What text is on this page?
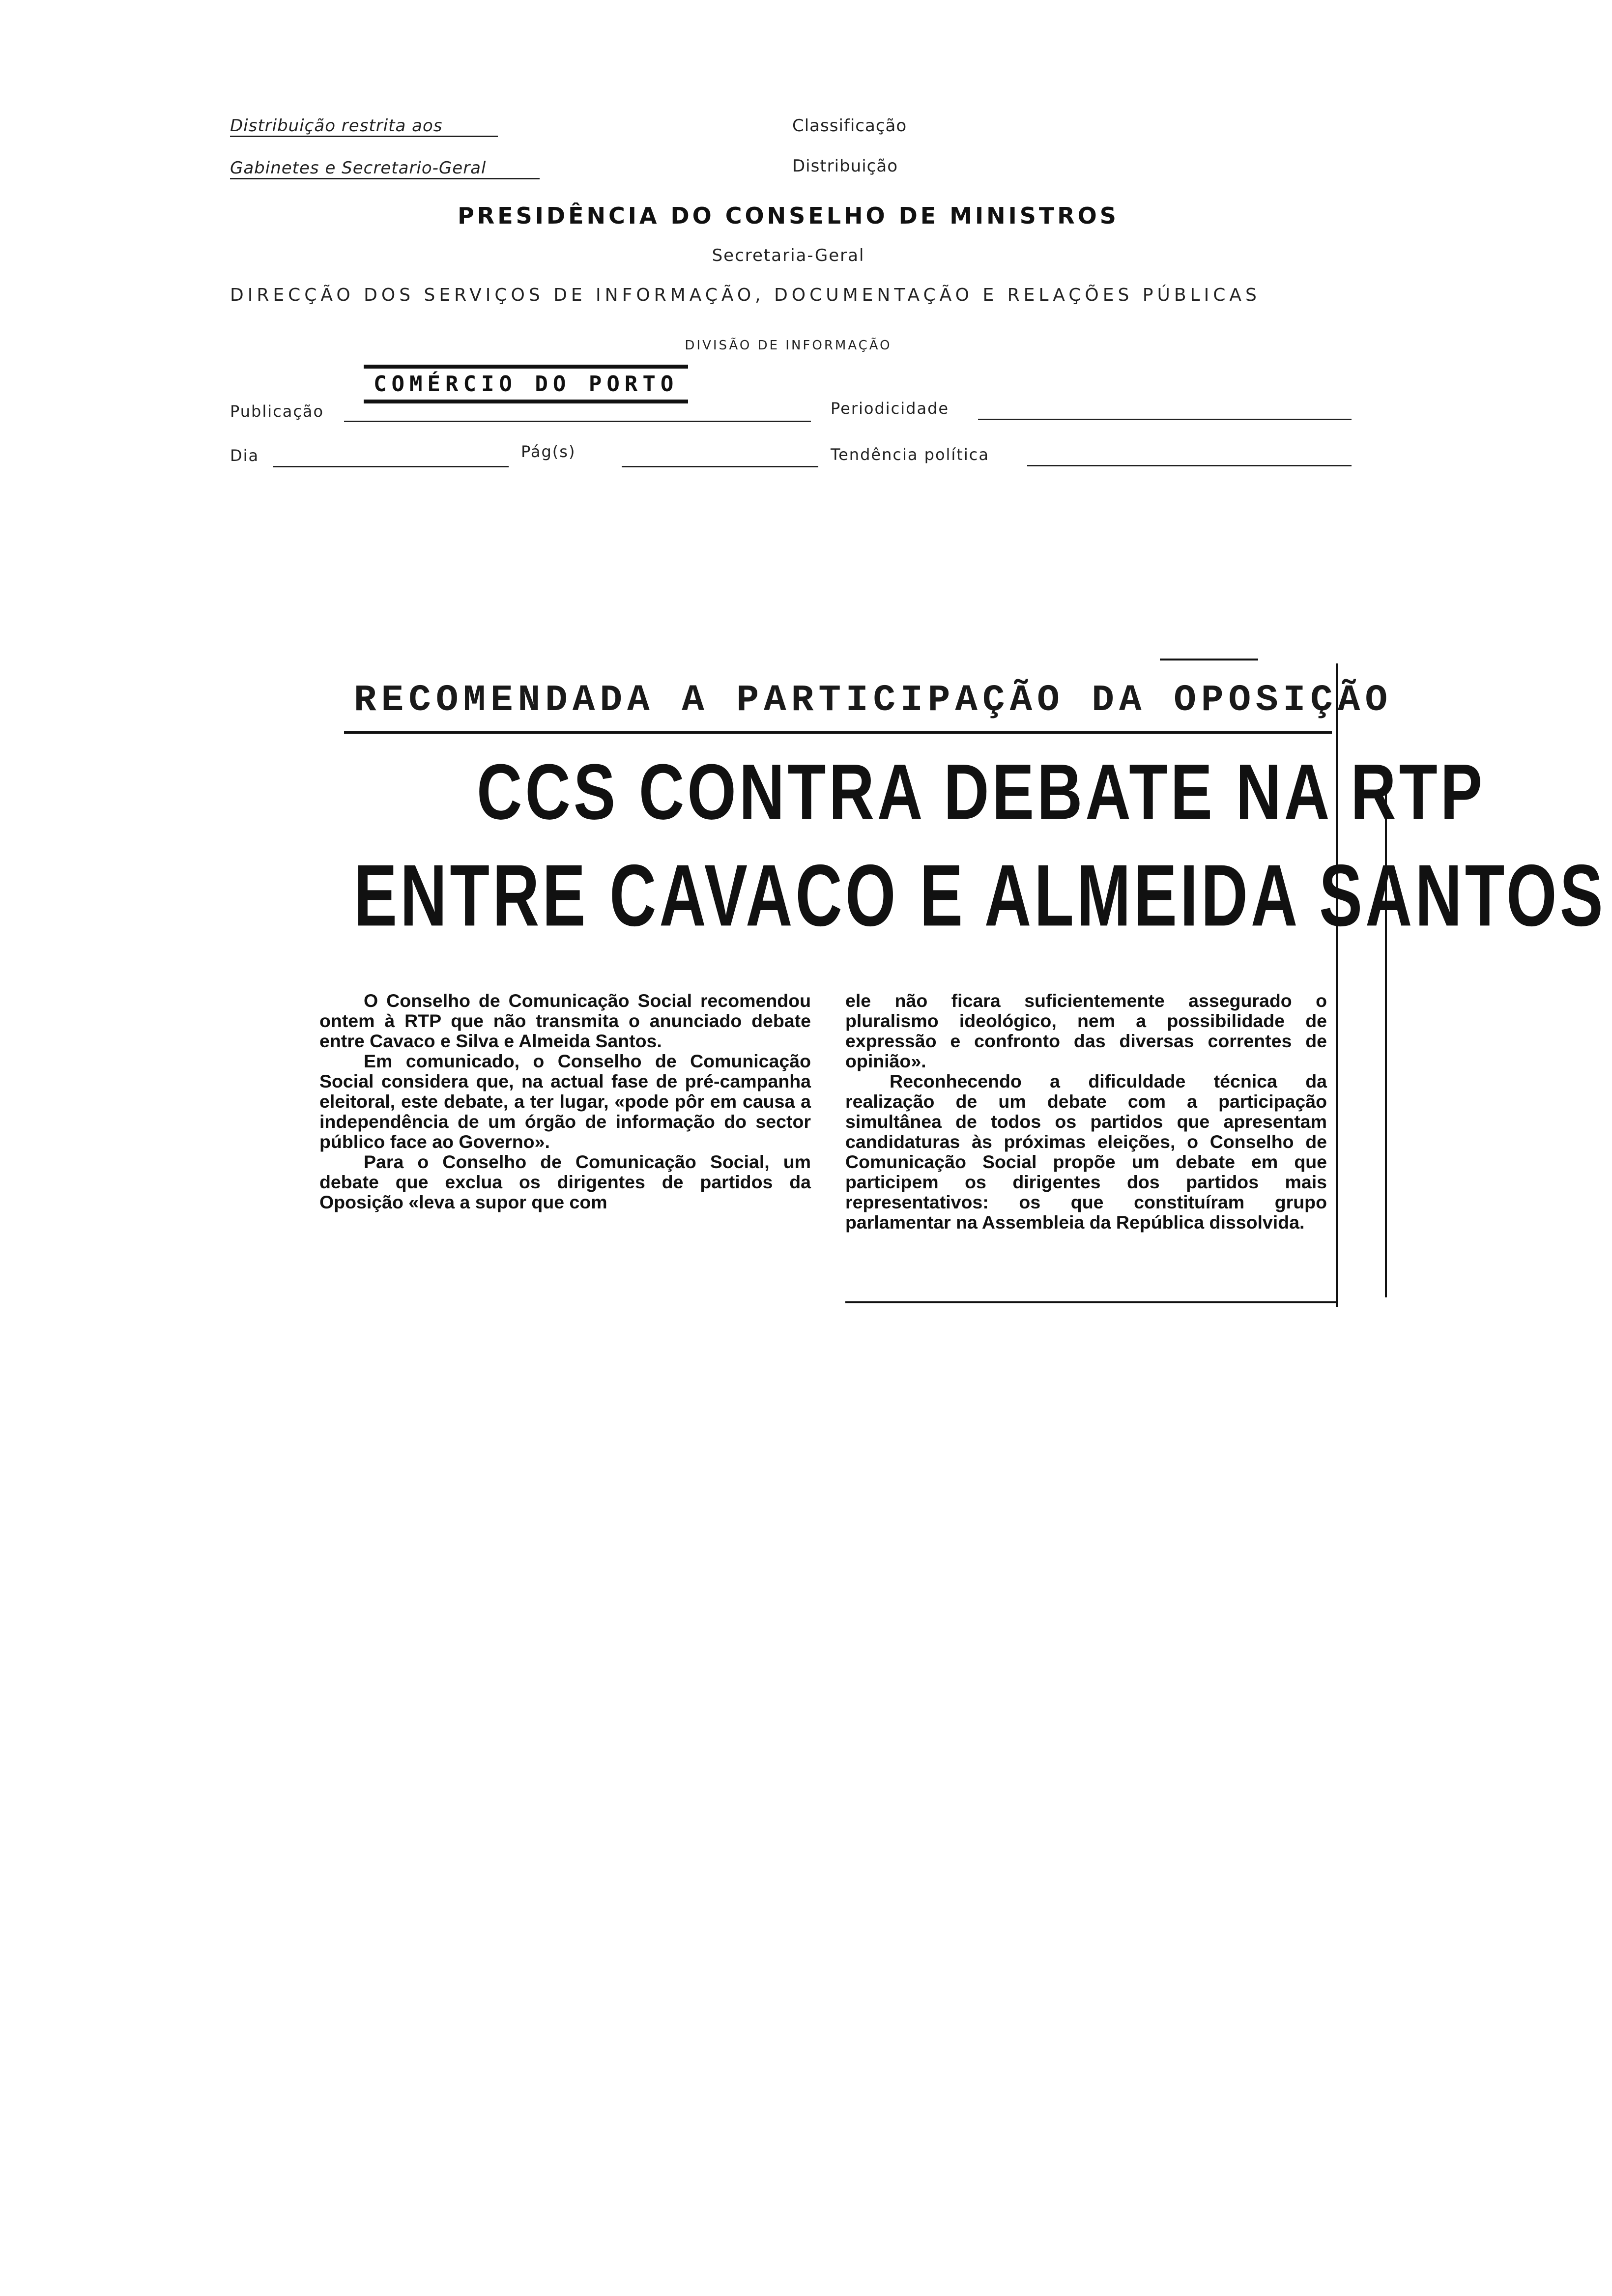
Distribuição restrita aos
Gabinetes e Secretario-Geral
Classificação
Distribuição
PRESIDÊNCIA DO CONSELHO DE MINISTROS
Secretaria-Geral
DIRECÇÃO DOS SERVIÇOS DE INFORMAÇÃO, DOCUMENTAÇÃO E RELAÇÕES PÚBLICAS
DIVISÃO DE INFORMAÇÃO
Publicação
COMÉRCIO DO PORTO
Periodicidade
Dia	Pág(s)	Tendência política
RECOMENDADA A PARTICIPAÇÃO DA OPOSIÇÃO
CCS CONTRA DEBATE NA RTP
ENTRE CAVACO E ALMEIDA SANTOS

O Conselho de Comunicação Social recomendou ontem à RTP que não transmita o anunciado debate entre Cavaco e Silva e Almeida Santos.

Em comunicado, o Conselho de Comunicação Social considera que, na actual fase de pré-campanha eleitoral, este debate, a ter lugar, «pode pôr em causa a independência de um órgão de informação do sector público face ao Governo».

Para o Conselho de Comunicação Social, um debate que exclua os dirigentes de partidos da Oposição «leva a supor que com

ele não ficara suficientemente assegurado o pluralismo ideológico, nem a possibilidade de expressão e confronto das diversas correntes de opinião».

Reconhecendo a dificuldade técnica da realização de um debate com a participação simultânea de todos os partidos que apresentam candidaturas às próximas eleições, o Conselho de Comunicação Social propõe um debate em que participem os dirigentes dos partidos mais representativos: os que constituíram grupo parlamentar na Assembleia da República dissolvida.
